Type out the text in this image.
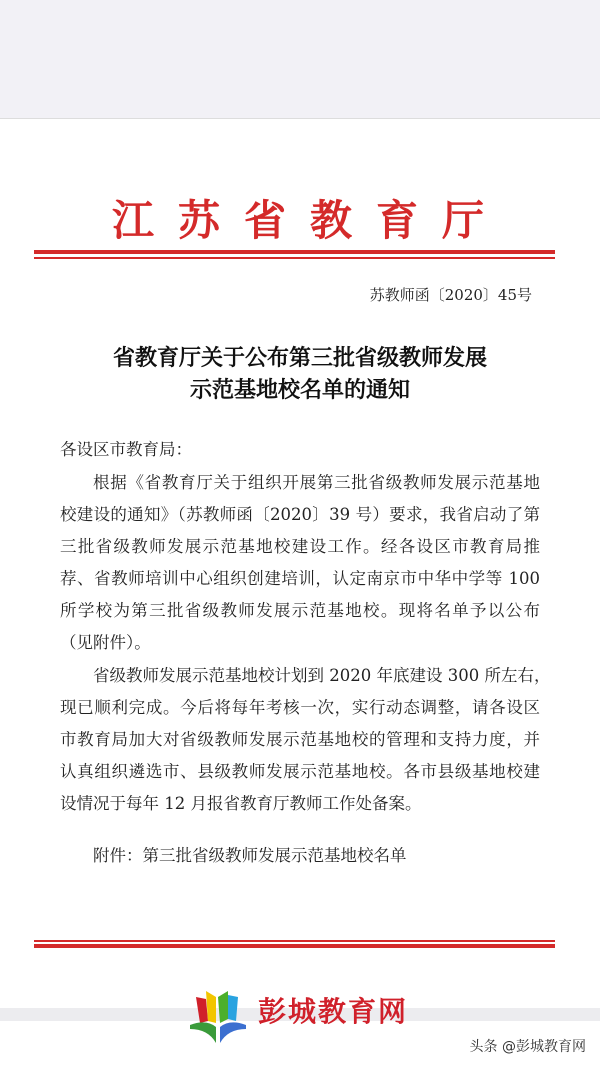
江苏省教育厅
苏教师函〔2020〕45号
省教育厅关于公布第三批省级教师发展
示范基地校名单的通知
各设区市教育局：
根据《省教育厅关于组织开展第三批省级教师发展示范基地
校建设的通知》（苏教师函〔2020〕39 号）要求，我省启动了第
三批省级教师发展示范基地校建设工作。经各设区市教育局推
荐、省教师培训中心组织创建培训，认定南京市中华中学等 100
所学校为第三批省级教师发展示范基地校。现将名单予以公布
（见附件）。
省级教师发展示范基地校计划到 2020 年底建设 300 所左右，
现已顺利完成。今后将每年考核一次，实行动态调整，请各设区
市教育局加大对省级教师发展示范基地校的管理和支持力度，并
认真组织遴选市、县级教师发展示范基地校。各市县级基地校建
设情况于每年 12 月报省教育厅教师工作处备案。
附件：第三批省级教师发展示范基地校名单
彭城教育网
头条 @彭城教育网
